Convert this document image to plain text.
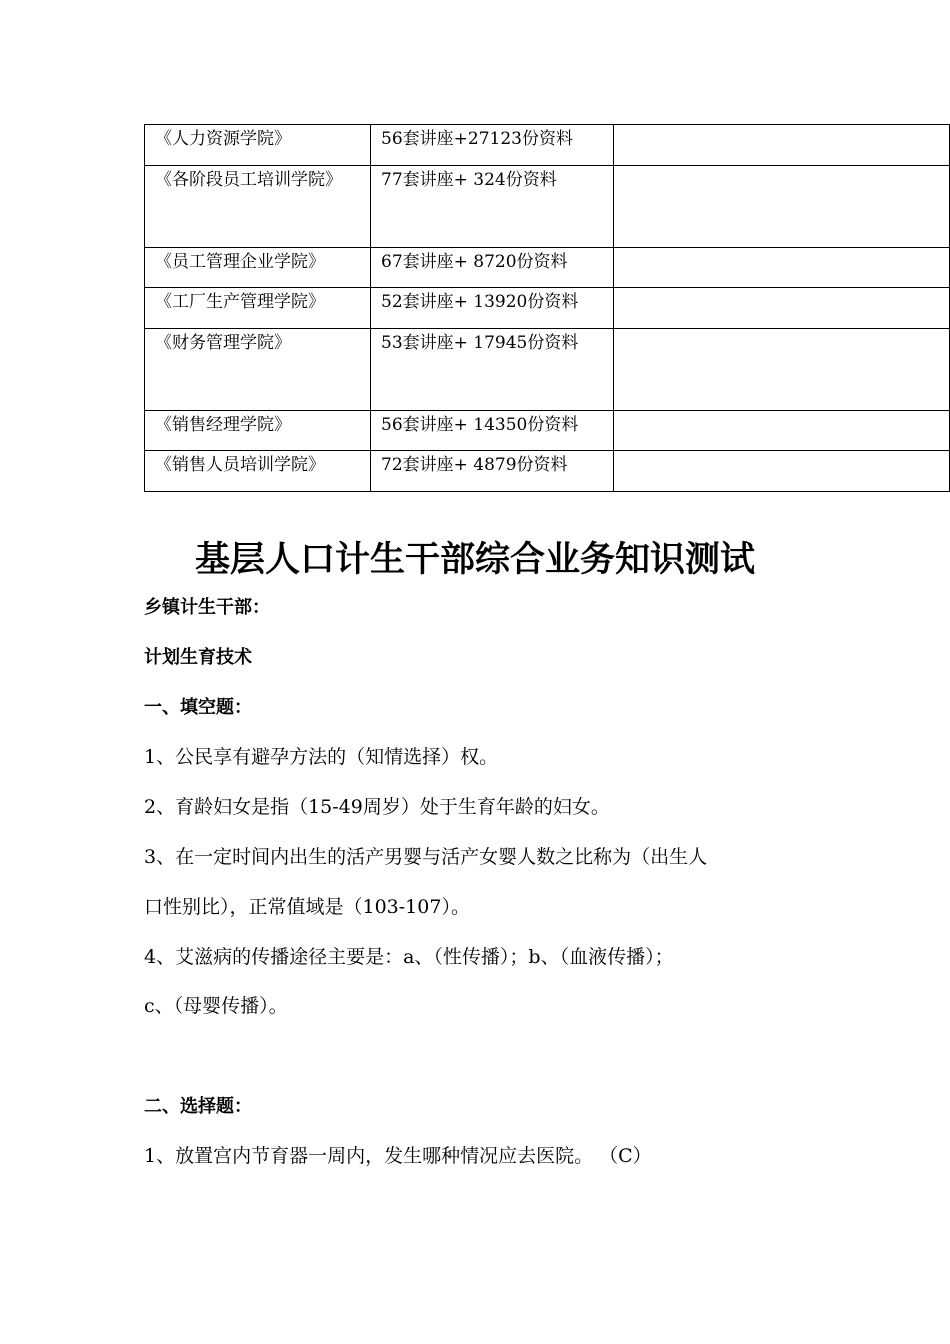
《人力资源学院》	56套讲座+27123份资料	

《各阶段员工培训学院》	77套讲座+ 324份资料	

《员工管理企业学院》	67套讲座+ 8720份资料	

《工厂生产管理学院》	52套讲座+ 13920份资料	

《财务管理学院》	53套讲座+ 17945份资料	

《销售经理学院》	56套讲座+ 14350份资料	

《销售人员培训学院》	72套讲座+ 4879份资料	

基层人口计生干部综合业务知识测试

乡镇计生干部：

计划生育技术

一、填空题：

1、公民享有避孕方法的（知情选择）权。

2、育龄妇女是指（15-49周岁）处于生育年龄的妇女。

3、在一定时间内出生的活产男婴与活产女婴人数之比称为（出生人

口性别比），正常值域是（103-107）。

4、艾滋病的传播途径主要是：a、（性传播）；b、（血液传播）；

c、（母婴传播）。

二、选择题：

1、放置宫内节育器一周内，发生哪种情况应去医院。 （C）
